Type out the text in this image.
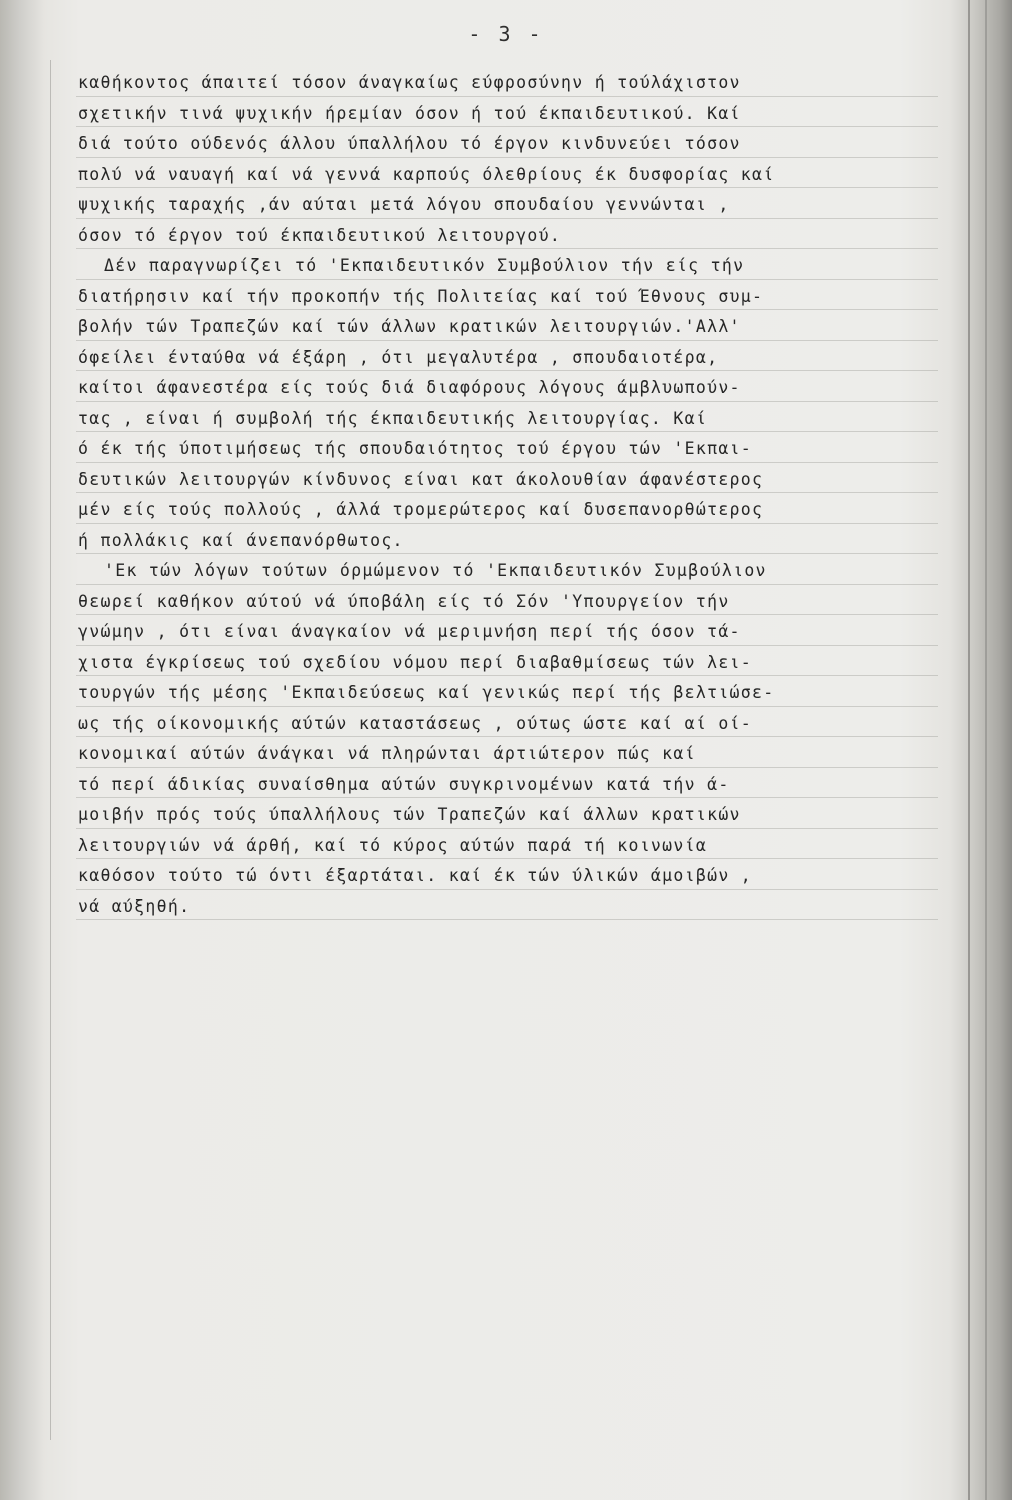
- 3 -
καθήκοντος άπαιτεί τόσον άναγκαίως εύφροσύνην ή τούλάχιστον
σχετικήν τινά ψυχικήν ήρεμίαν όσον ή τού έκπαιδευτικού. Καί
διά τούτο ούδενός άλλου ύπαλλήλου τό έργον κινδυνεύει τόσον
πολύ νά ναυαγή καί νά γεννά καρπούς όλεθρίους έκ δυσφορίας καί
ψυχικής ταραχής ,άν αύται μετά λόγου σπουδαίου γεννώνται ,
όσον τό έργον τού έκπαιδευτικού λειτουργού.
Δέν παραγνωρίζει τό 'Εκπαιδευτικόν Συμβούλιον τήν είς τήν
διατήρησιν καί τήν προκοπήν τής Πολιτείας καί τού Έθνους συμ-
βολήν τών Τραπεζών καί τών άλλων κρατικών λειτουργιών.'Αλλ'
όφείλει ένταύθα νά έξάρη , ότι μεγαλυτέρα , σπουδαιοτέρα,
καίτοι άφανεστέρα είς τούς διά διαφόρους λόγους άμβλυωπούν-
τας , είναι ή συμβολή τής έκπαιδευτικής λειτουργίας. Καί
ό έκ τής ύποτιμήσεως τής σπουδαιότητος τού έργου τών 'Εκπαι-
δευτικών λειτουργών κίνδυνος είναι κατ άκολουθίαν άφανέστερος
μέν είς τούς πολλούς , άλλά τρομερώτερος καί δυσεπανορθώτερος
ή πολλάκις καί άνεπανόρθωτος.
'Εκ τών λόγων τούτων όρμώμενον τό 'Εκπαιδευτικόν Συμβούλιον
θεωρεί καθήκον αύτού νά ύποβάλη είς τό Σόν 'Υπουργείον τήν
γνώμην , ότι είναι άναγκαίον νά μεριμνήση περί τής όσον τά-
χιστα έγκρίσεως τού σχεδίου νόμου περί διαβαθμίσεως τών λει-
τουργών τής μέσης 'Εκπαιδεύσεως καί γενικώς περί τής βελτιώσε-
ως τής οίκονομικής αύτών καταστάσεως , ούτως ώστε καί αί οί-
κονομικαί αύτών άνάγκαι νά πληρώνται άρτιώτερον πώς καί
τό περί άδικίας συναίσθημα αύτών συγκρινομένων κατά τήν ά-
μοιβήν πρός τούς ύπαλλήλους τών Τραπεζών καί άλλων κρατικών
λειτουργιών νά άρθή, καί τό κύρος αύτών παρά τή κοινωνία
καθόσον τούτο τώ όντι έξαρτάται. καί έκ τών ύλικών άμοιβών ,
νά αύξηθή.
